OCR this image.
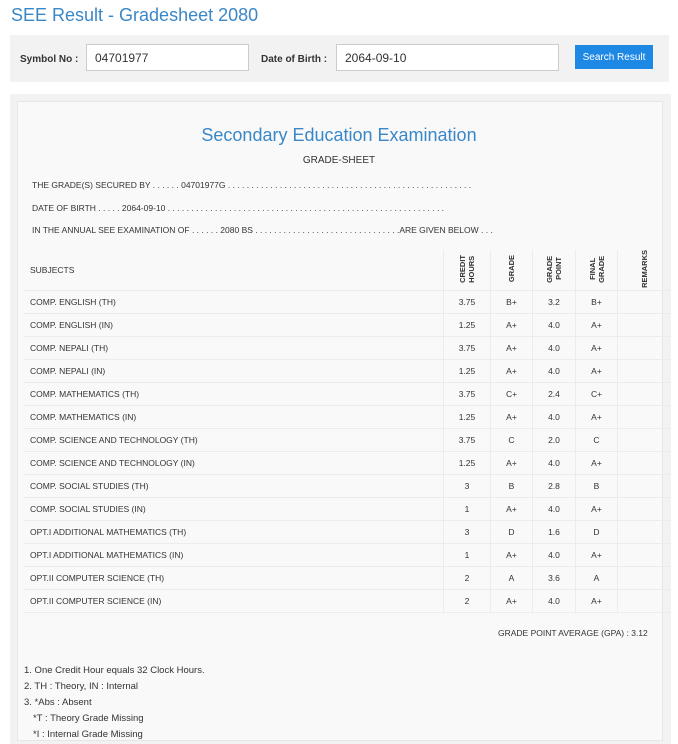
SEE Result - Gradesheet 2080
Symbol No :
04701977	Date of Birth :
2064-09-10	Search Result
Secondary Education Examination
GRADE-SHEET
THE GRADE(S) SECURED BY . . . . . . 04701977G . . . . . . . . . . . . . . . . . . . . . . . . . . . . . . . . . . . . . . . . . . . . . . . . . . . .
DATE OF BIRTH . . . . . 2064-09-10 . . . . . . . . . . . . . . . . . . . . . . . . . . . . . . . . . . . . . . . . . . . . . . . . . . . . . . . . . . .
IN THE ANNUAL SEE EXAMINATION OF . . . . . . 2080 BS . . . . . . . . . . . . . . . . . . . . . . . . . . . . . . .ARE GIVEN BELOW . . .
SUBJECTS	CREDIT HOURS	GRADE	GRADE POINT	FINAL GRADE	REMARKS
COMP. ENGLISH (TH)	3.75	B+	3.2	B+	
COMP. ENGLISH (IN)	1.25	A+	4.0	A+	
COMP. NEPALI (TH)	3.75	A+	4.0	A+	
COMP. NEPALI (IN)	1.25	A+	4.0	A+	
COMP. MATHEMATICS (TH)	3.75	C+	2.4	C+	
COMP. MATHEMATICS (IN)	1.25	A+	4.0	A+	
COMP. SCIENCE AND TECHNOLOGY (TH)	3.75	C	2.0	C	
COMP. SCIENCE AND TECHNOLOGY (IN)	1.25	A+	4.0	A+	
COMP. SOCIAL STUDIES (TH)	3	B	2.8	B	
COMP. SOCIAL STUDIES (IN)	1	A+	4.0	A+	
OPT.I ADDITIONAL MATHEMATICS (TH)	3	D	1.6	D	
OPT.I ADDITIONAL MATHEMATICS (IN)	1	A+	4.0	A+	
OPT.II COMPUTER SCIENCE (TH)	2	A	3.6	A	
OPT.II COMPUTER SCIENCE (IN)	2	A+	4.0	A+	
GRADE POINT AVERAGE (GPA) : 3.12
1. One Credit Hour equals 32 Clock Hours.
2. TH : Theory, IN : Internal
3. *Abs : Absent
*T : Theory Grade Missing
*I : Internal Grade Missing
